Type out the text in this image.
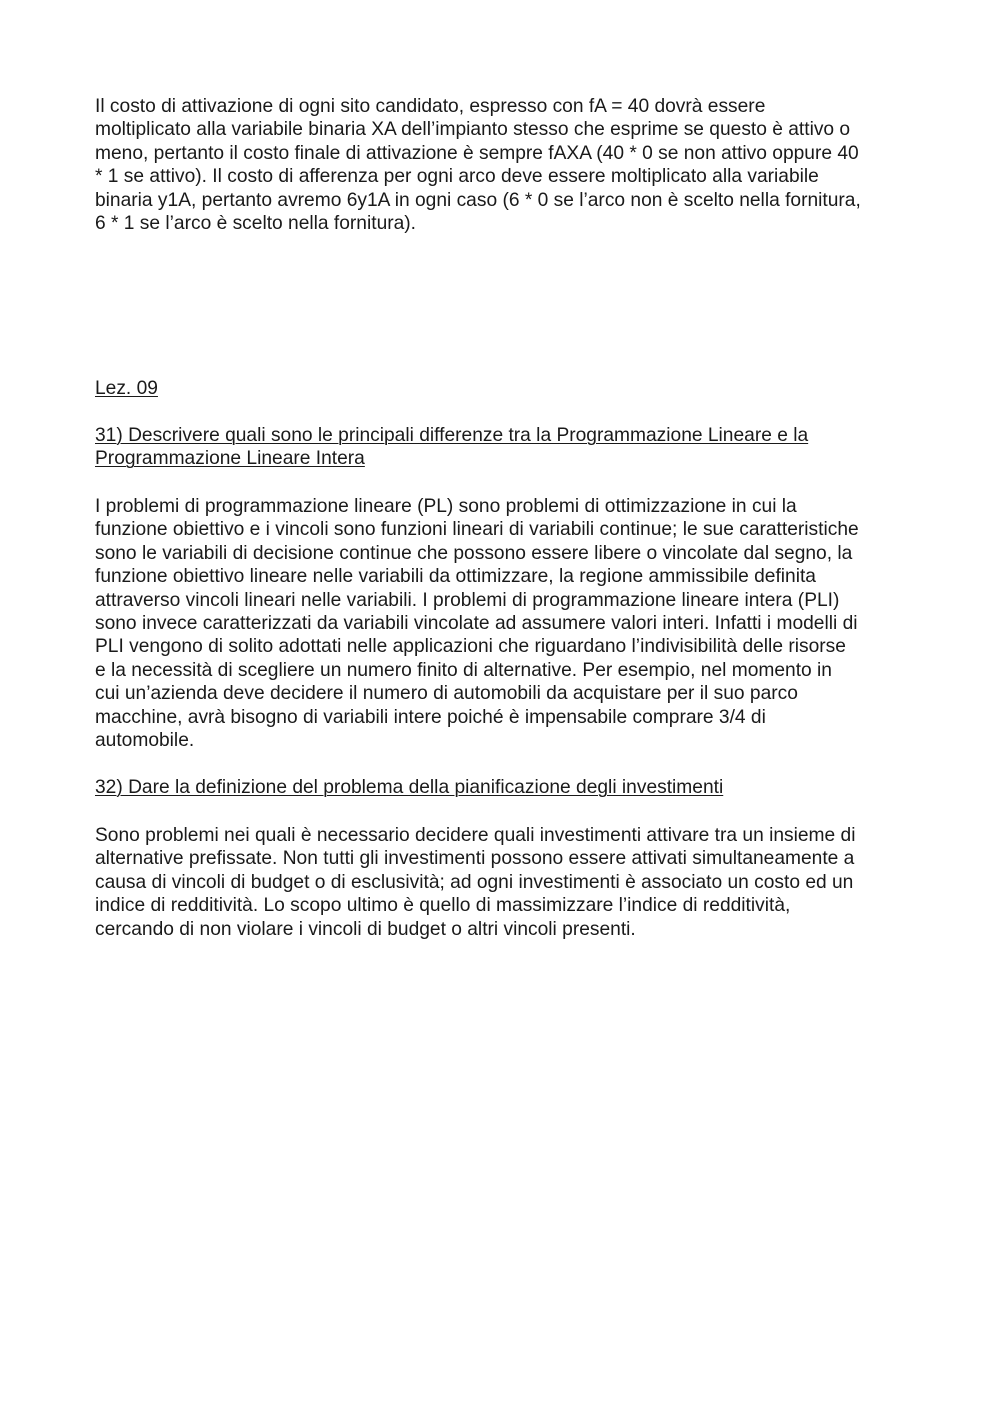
Il costo di attivazione di ogni sito candidato, espresso con fA = 40 dovrà essere
moltiplicato alla variabile binaria XA dell’impianto stesso che esprime se questo è attivo o
meno, pertanto il costo finale di attivazione è sempre fAXA (40 * 0 se non attivo oppure 40
* 1 se attivo). Il costo di afferenza per ogni arco deve essere moltiplicato alla variabile
binaria y1A, pertanto avremo 6y1A in ogni caso (6 * 0 se l’arco non è scelto nella fornitura,
6 * 1 se l’arco è scelto nella fornitura).

Lez. 09

31) Descrivere quali sono le principali differenze tra la Programmazione Lineare e la
Programmazione Lineare Intera

I problemi di programmazione lineare (PL) sono problemi di ottimizzazione in cui la
funzione obiettivo e i vincoli sono funzioni lineari di variabili continue; le sue caratteristiche
sono le variabili di decisione continue che possono essere libere o vincolate dal segno, la
funzione obiettivo lineare nelle variabili da ottimizzare, la regione ammissibile definita
attraverso vincoli lineari nelle variabili. I problemi di programmazione lineare intera (PLI)
sono invece caratterizzati da variabili vincolate ad assumere valori interi. Infatti i modelli di
PLI vengono di solito adottati nelle applicazioni che riguardano l’indivisibilità delle risorse
e la necessità di scegliere un numero finito di alternative. Per esempio, nel momento in
cui un’azienda deve decidere il numero di automobili da acquistare per il suo parco
macchine, avrà bisogno di variabili intere poiché è impensabile comprare 3/4 di
automobile.

32) Dare la definizione del problema della pianificazione degli investimenti

Sono problemi nei quali è necessario decidere quali investimenti attivare tra un insieme di
alternative prefissate. Non tutti gli investimenti possono essere attivati simultaneamente a
causa di vincoli di budget o di esclusività; ad ogni investimenti è associato un costo ed un
indice di redditività. Lo scopo ultimo è quello di massimizzare l’indice di redditività,
cercando di non violare i vincoli di budget o altri vincoli presenti.
